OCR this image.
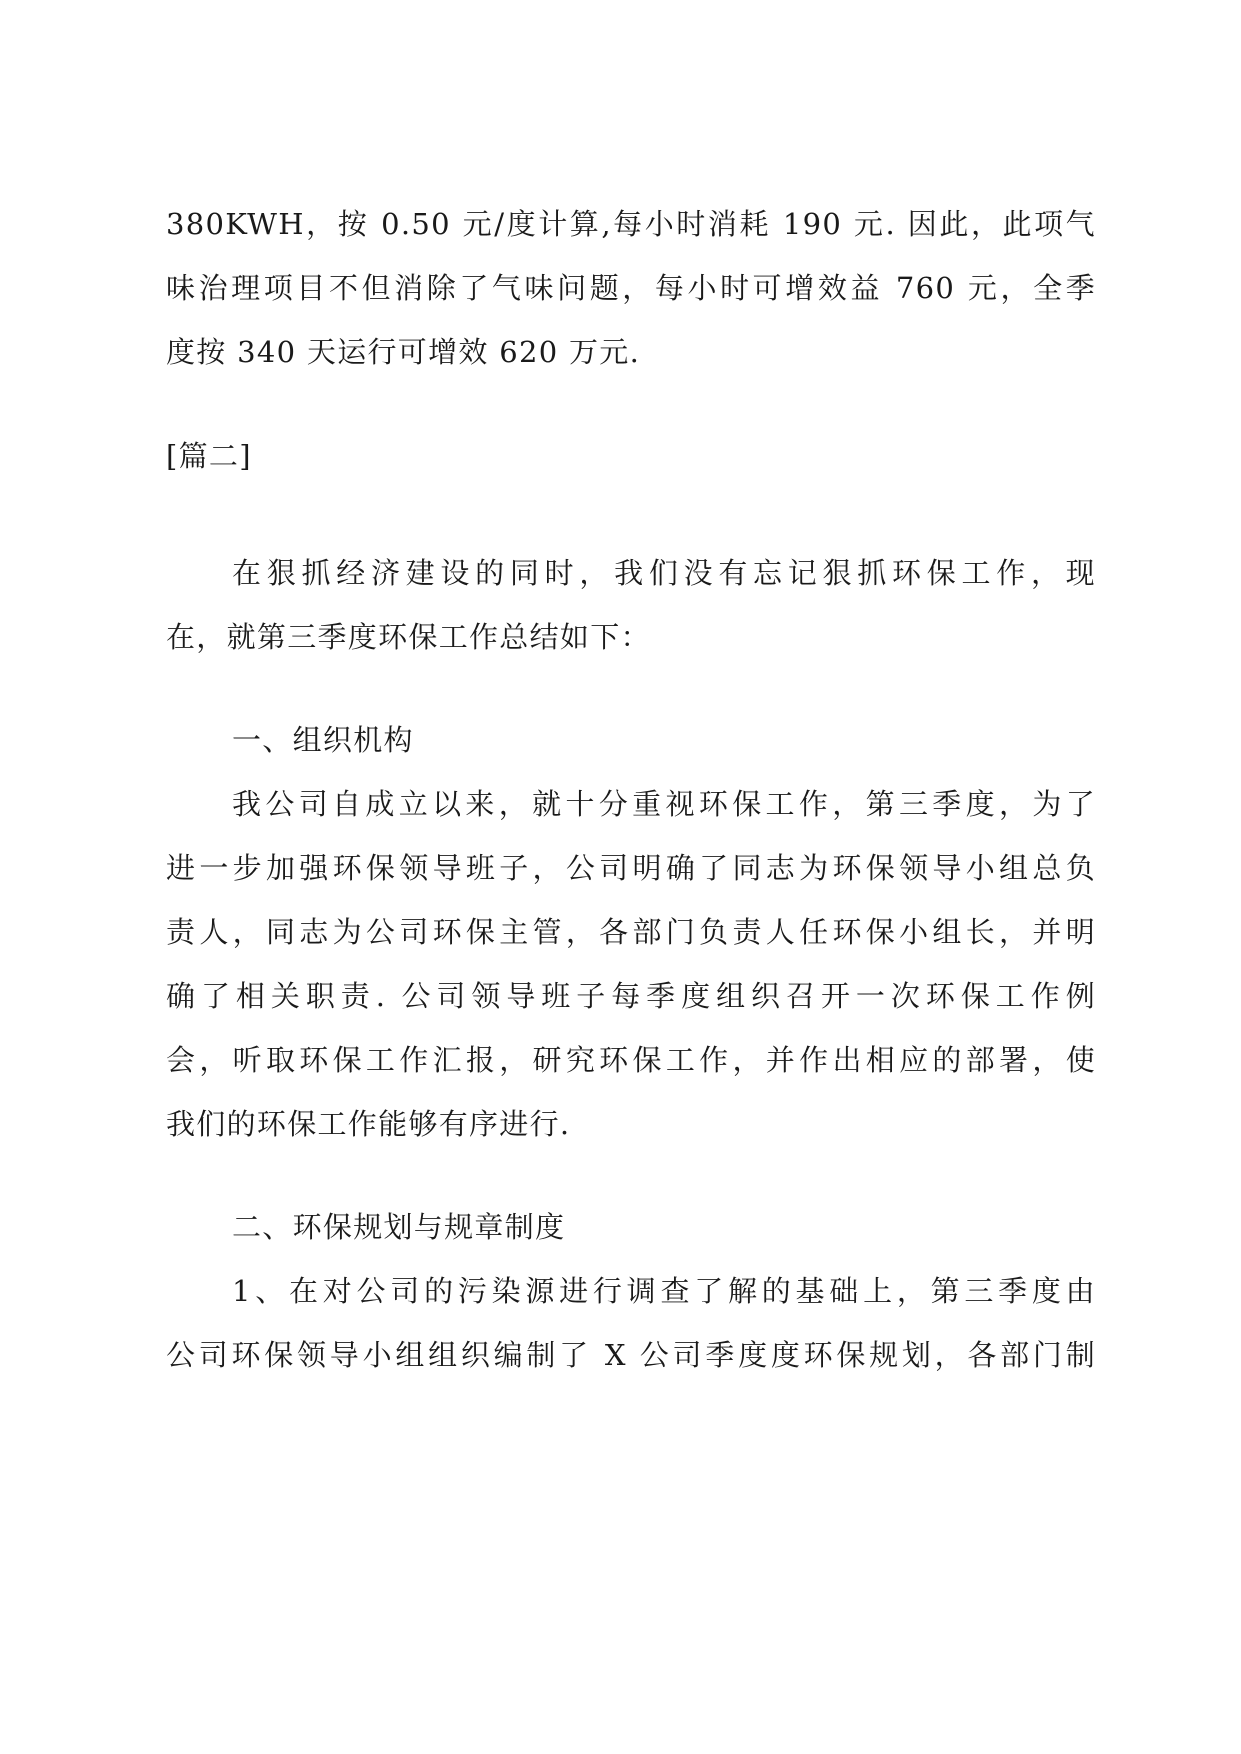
380KWH，按 0.50 元/度计算,每小时消耗 190 元. 因此，此项气
味治理项目不但消除了气味问题，每小时可增效益 760 元，全季
度按 340 天运行可增效 620 万元.
[篇二]
在狠抓经济建设的同时，我们没有忘记狠抓环保工作，现
在，就第三季度环保工作总结如下：
一、组织机构
我公司自成立以来，就十分重视环保工作，第三季度，为了
进一步加强环保领导班子，公司明确了同志为环保领导小组总负
责人，同志为公司环保主管，各部门负责人任环保小组长，并明
确了相关职责. 公司领导班子每季度组织召开一次环保工作例
会，听取环保工作汇报，研究环保工作，并作出相应的部署，使
我们的环保工作能够有序进行.
二、环保规划与规章制度
1、在对公司的污染源进行调查了解的基础上，第三季度由
公司环保领导小组组织编制了 X 公司季度度环保规划，各部门制
